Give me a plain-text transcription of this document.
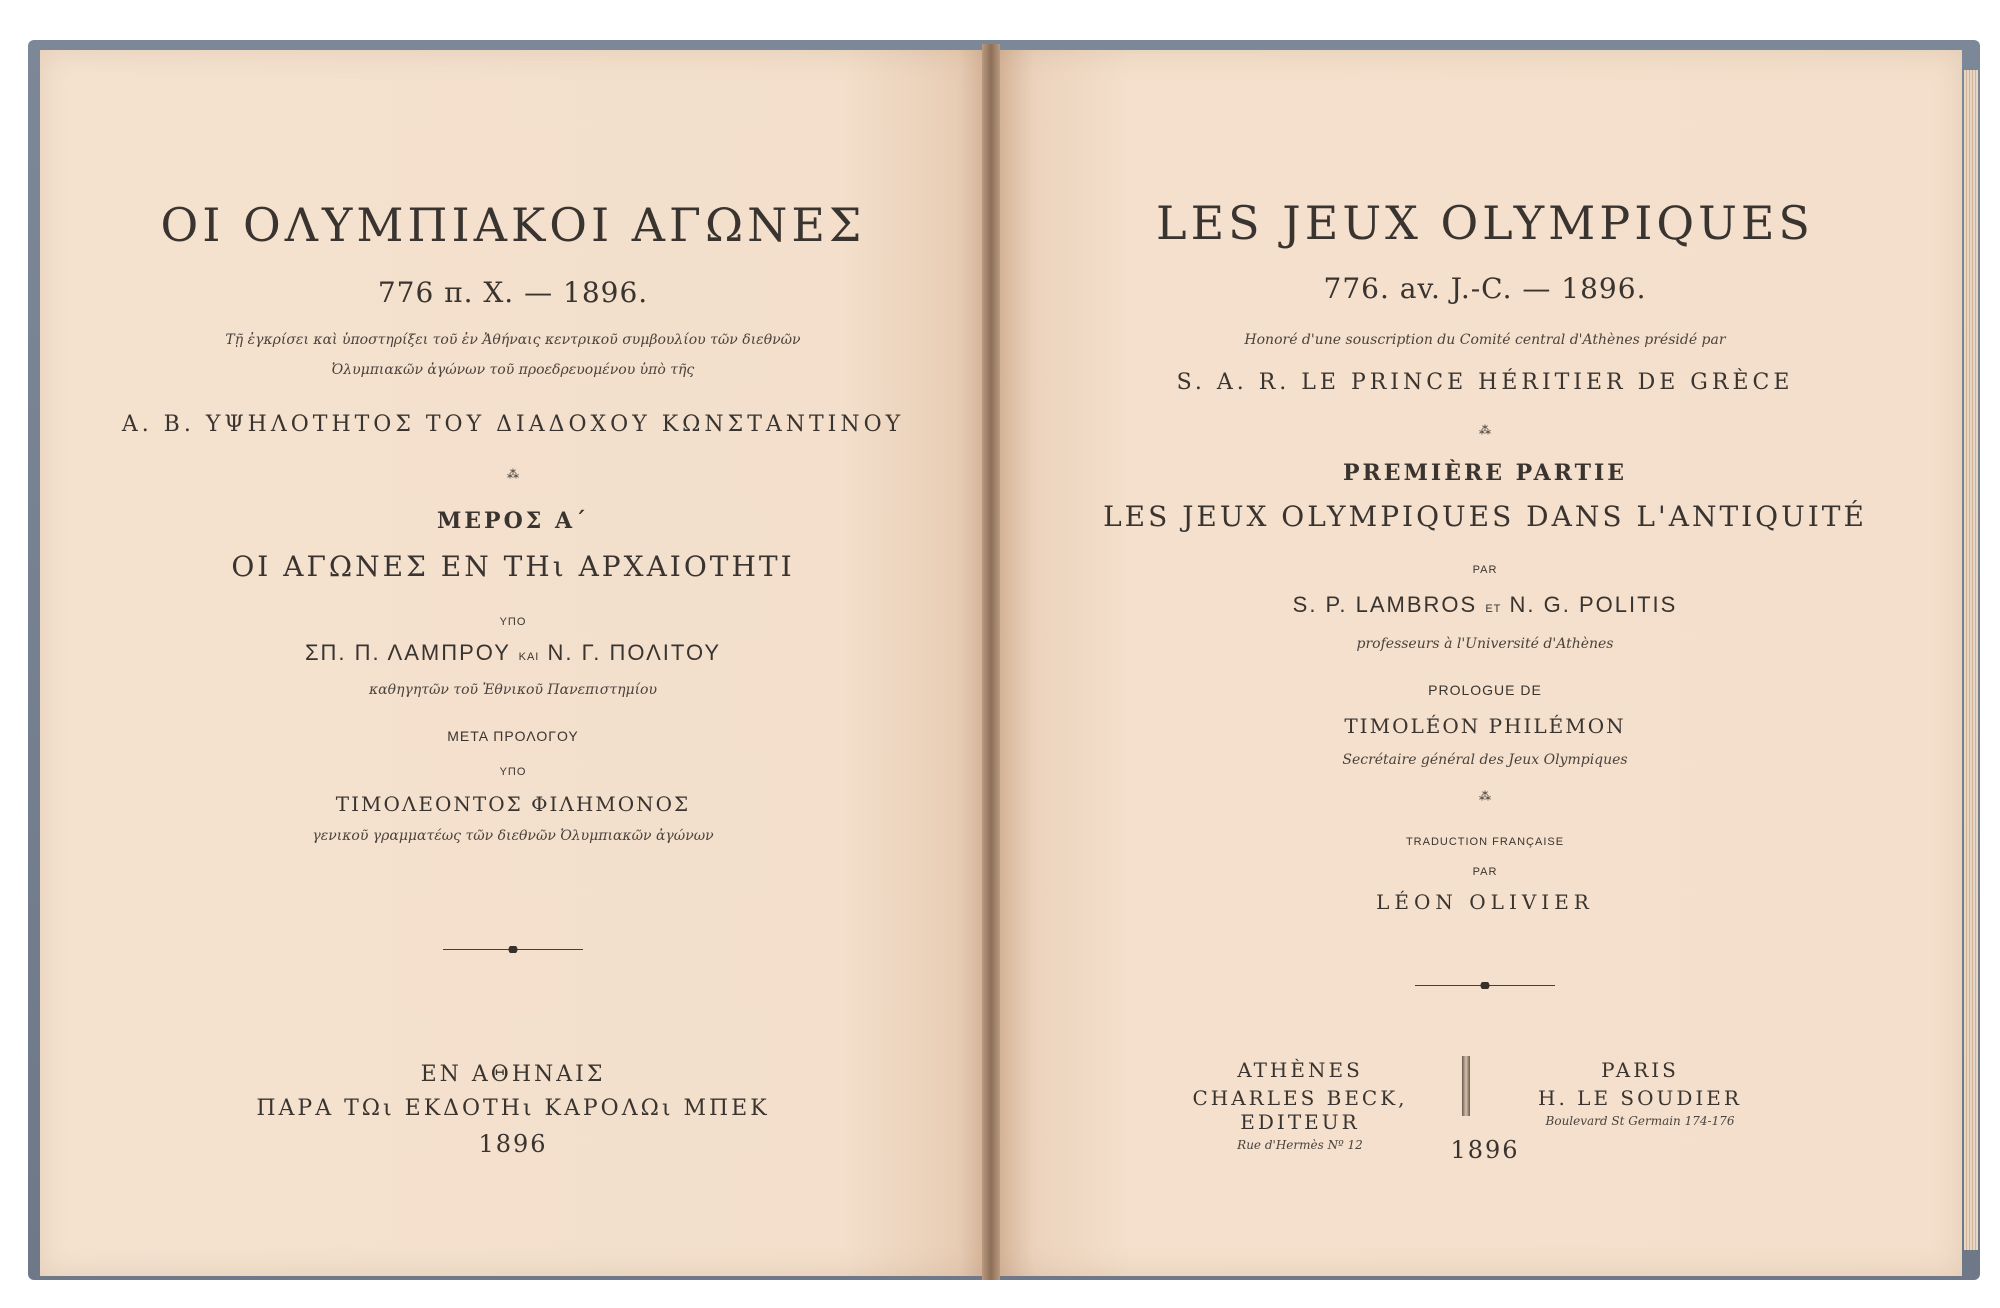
ΟΙ ΟΛΥΜΠΙΑΚΟΙ ΑΓΩΝΕΣ
776 π. Χ. — 1896.
Τῇ ἐγκρίσει καὶ ὑποστηρίξει τοῦ ἐν Ἀθήναις κεντρικοῦ συμβουλίου τῶν διεθνῶν
Ὀλυμπιακῶν ἀγώνων τοῦ προεδρευομένου ὑπὸ τῆς
Α. Β. ΥΨΗΛΟΤΗΤΟΣ ΤΟΥ ΔΙΑΔΟΧΟΥ ΚΩΝΣΤΑΝΤΙΝΟΥ
⁂
ΜΕΡΟΣ Α΄
ΟΙ ΑΓΩΝΕΣ ΕΝ ΤΗι ΑΡΧΑΙΟΤΗΤΙ
ΥΠΟ
ΣΠ. Π. ΛΑΜΠΡΟΥ ΚΑΙ Ν. Γ. ΠΟΛΙΤΟΥ
καθηγητῶν τοῦ Ἐθνικοῦ Πανεπιστημίου
ΜΕΤΑ ΠΡΟΛΟΓΟΥ
ΥΠΟ
ΤΙΜΟΛΕΟΝΤΟΣ ΦΙΛΗΜΟΝΟΣ
γενικοῦ γραμματέως τῶν διεθνῶν Ὀλυμπιακῶν ἀγώνων
ΕΝ ΑΘΗΝΑΙΣ
ΠΑΡΑ ΤΩι ΕΚΔΟΤΗι ΚΑΡΟΛΩι ΜΠΕΚ
1896
LES JEUX OLYMPIQUES
776. av. J.-C. — 1896.
Honoré d'une souscription du Comité central d'Athènes présidé par
S. A. R. LE PRINCE HÉRITIER DE GRÈCE
⁂
PREMIÈRE PARTIE
LES JEUX OLYMPIQUES DANS L'ANTIQUITÉ
PAR
S. P. LAMBROS ET N. G. POLITIS
professeurs à l'Université d'Athènes
PROLOGUE DE
TIMOLÉON PHILÉMON
Secrétaire général des Jeux Olympiques
⁂
TRADUCTION FRANÇAISE
PAR
LÉON OLIVIER
ATHÈNES
CHARLES BECK, EDITEUR
Rue d'Hermès Nº 12
PARIS
H. LE SOUDIER
Boulevard St Germain 174-176
1896
